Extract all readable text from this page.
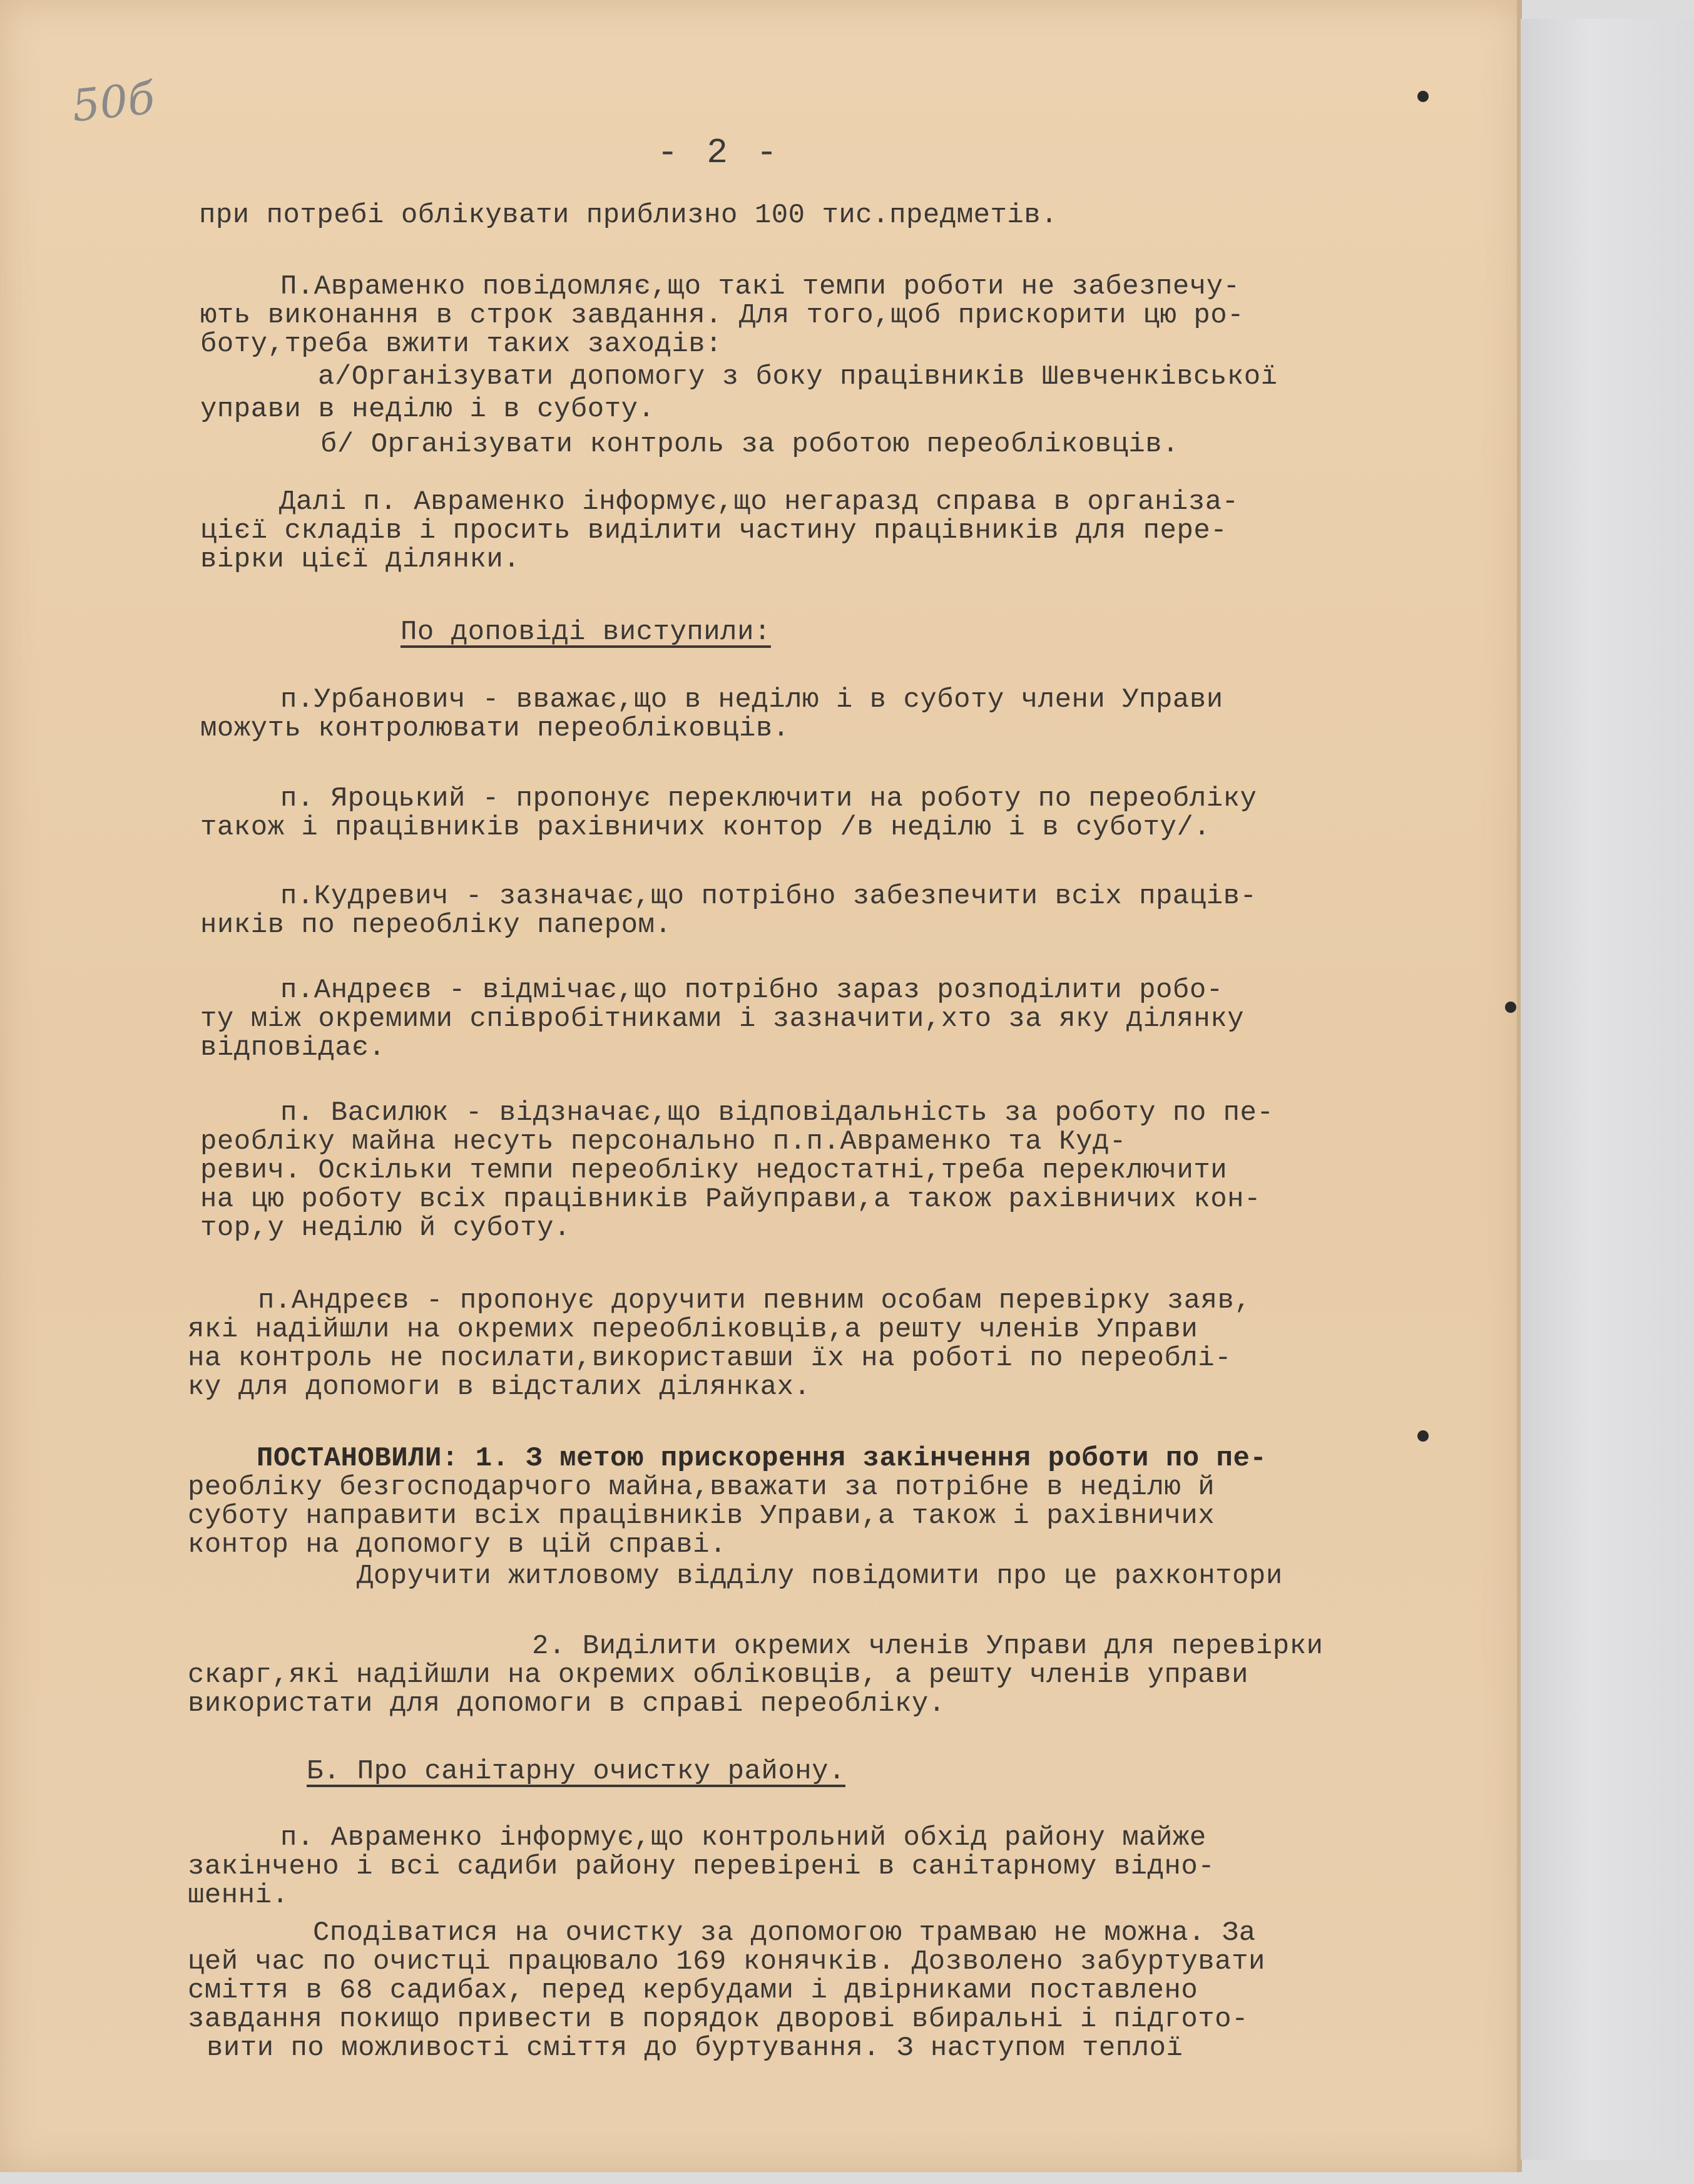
50б
- 2 -
при потребі облікувати приблизно 100 тис.предметів.
П.Авраменко повідомляє,що такі темпи роботи не забезпечу-
ють виконання в строк завдання. Для того,щоб прискорити цю ро-
боту,треба вжити таких заходів:
а/Організувати допомогу з боку працівників Шевченківської
управи в неділю і в суботу.
б/ Організувати контроль за роботою переобліковців.
Далі п. Авраменко інформує,що негаразд справа в організа-
цієї складів і просить виділити частину працівників для пере-
вірки цієї ділянки.
По доповіді виступили:
п.Урбанович - вважає,що в неділю і в суботу члени Управи
можуть контролювати переобліковців.
п. Яроцький - пропонує переключити на роботу по переобліку
також і працівників рахівничих контор /в неділю і в суботу/.
п.Кудревич - зазначає,що потрібно забезпечити всіх праців-
ників по переобліку папером.
п.Андреєв - відмічає,що потрібно зараз розподілити робо-
ту між окремими співробітниками і зазначити,хто за яку ділянку
відповідає.
п. Василюк - відзначає,що відповідальність за роботу по пе-
реобліку майна несуть персонально п.п.Авраменко та Куд-
ревич. Оскільки темпи переобліку недостатні,треба переключити
на цю роботу всіх працівників Райуправи,а також рахівничих кон-
тор,у неділю й суботу.
п.Андреєв - пропонує доручити певним особам перевірку заяв,
які надійшли на окремих переобліковців,а решту членів Управи
на контроль не посилати,використавши їх на роботі по переоблі-
ку для допомоги в відсталих ділянках.
ПОСТАНОВИЛИ: 1. З метою прискорення закінчення роботи по пе-
реобліку безгосподарчого майна,вважати за потрібне в неділю й
суботу направити всіх працівників Управи,а також і рахівничих
контор на допомогу в цій справі.
Доручити житловому відділу повідомити про це рахконтори
2. Виділити окремих членів Управи для перевірки
скарг,які надійшли на окремих обліковців, а решту членів управи
використати для допомоги в справі переобліку.
Б. Про санітарну очистку району.
п. Авраменко інформує,що контрольний обхід району майже
закінчено і всі садиби району перевірені в санітарному відно-
шенні.
Сподіватися на очистку за допомогою трамваю не можна. За
цей час по очистці працювало 169 конячків. Дозволено забуртувати
сміття в 68 садибах, перед кербудами і двірниками поставлено
завдання покищо привести в порядок дворові вбиральні і підгото-
вити по можливості сміття до буртування. З наступом теплої
